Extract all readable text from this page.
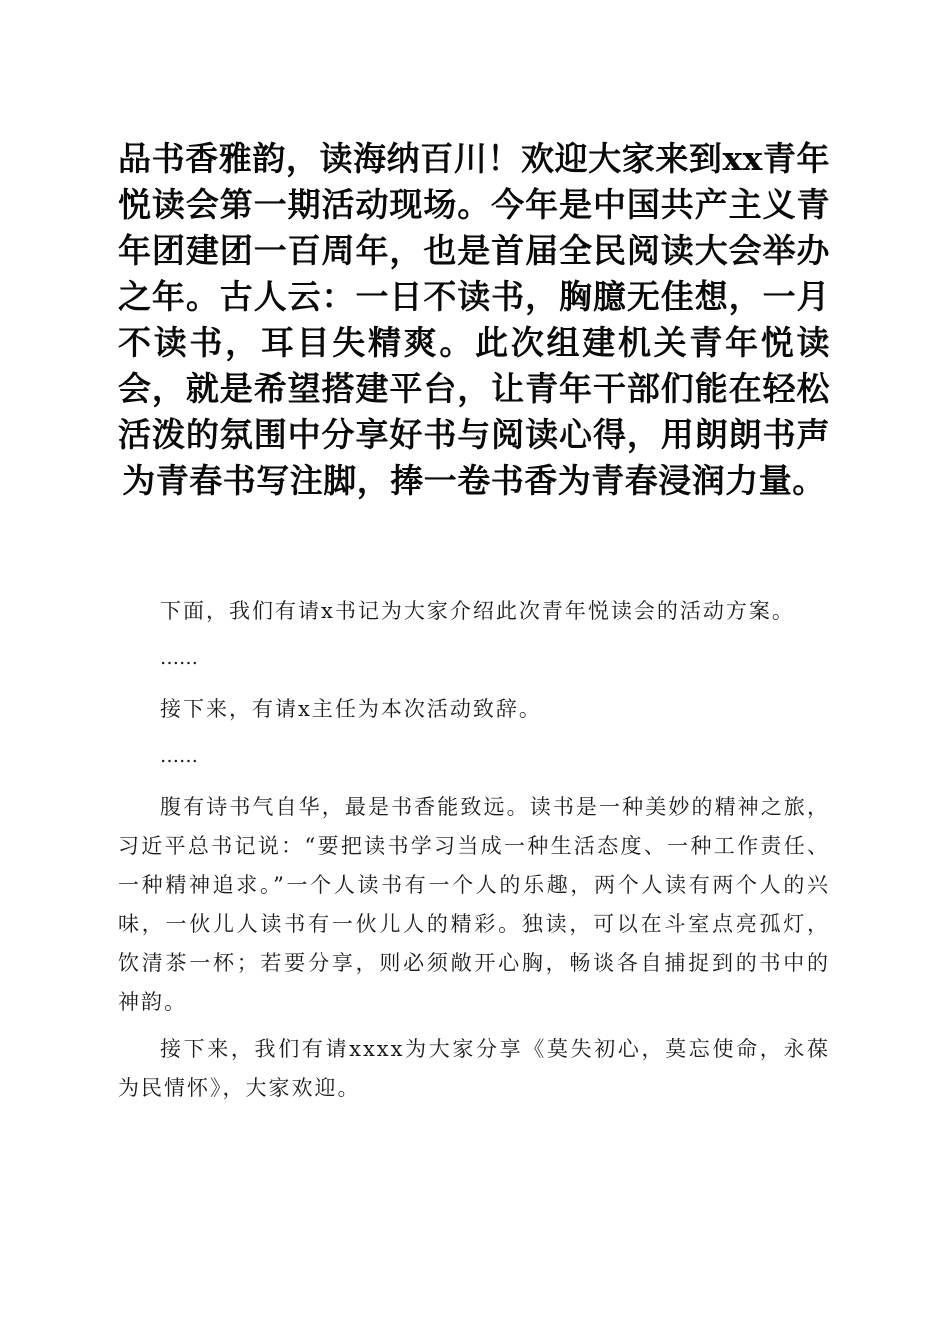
品书香雅韵，读海纳百川！欢迎大家来到xx青年悦读会第一期活动现场。今年是中国共产主义青年团建团一百周年，也是首届全民阅读大会举办之年。古人云：一日不读书，胸臆无佳想，一月不读书，耳目失精爽。此次组建机关青年悦读会，就是希望搭建平台，让青年干部们能在轻松活泼的氛围中分享好书与阅读心得，用朗朗书声为青春书写注脚，捧一卷书香为青春浸润力量。

下面，我们有请x书记为大家介绍此次青年悦读会的活动方案。

……

接下来，有请x主任为本次活动致辞。

……

腹有诗书气自华，最是书香能致远。读书是一种美妙的精神之旅，习近平总书记说：“要把读书学习当成一种生活态度、一种工作责任、一种精神追求。”一个人读书有一个人的乐趣，两个人读有两个人的兴味，一伙儿人读书有一伙儿人的精彩。独读，可以在斗室点亮孤灯，饮清茶一杯；若要分享，则必须敞开心胸，畅谈各自捕捉到的书中的神韵。

接下来，我们有请xxxx为大家分享《莫失初心，莫忘使命，永葆为民情怀》，大家欢迎。
